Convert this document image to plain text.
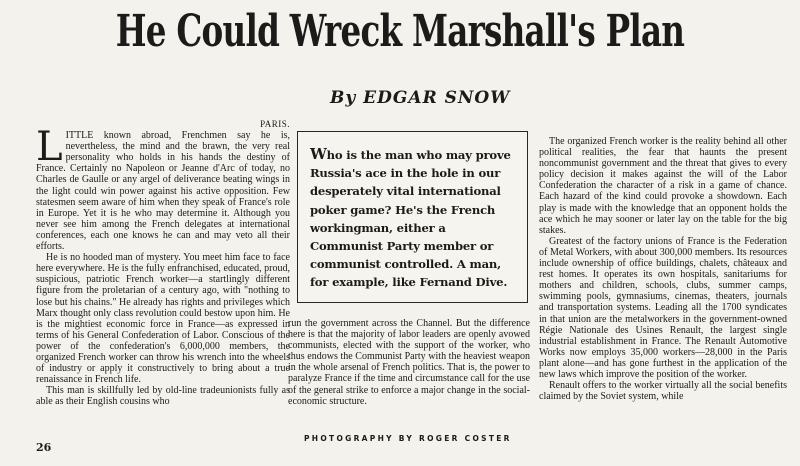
He Could Wreck Marshall's Plan
By EDGAR SNOW
PARIS.

LITTLE known abroad, Frenchmen say he is, nevertheless, the mind and the brawn, the very real personality who holds in his hands the destiny of France. Certainly no Napoleon or Jeanne d'Arc of today, no Charles de Gaulle or any argel of deliverance beating wings in the light could win power against his active opposition. Few statesmen seem aware of him when they speak of France's role in Europe. Yet it is he who may determine it. Although you never see him among the French delegates at international conferences, each one knows he can and may veto all their efforts.

He is no hooded man of mystery. You meet him face to face here everywhere. He is the fully enfranchised, educated, proud, suspicious, patriotic French worker—a startlingly different figure from the proletarian of a century ago, with "nothing to lose but his chains." He already has rights and privileges which Marx thought only class revolution could bestow upon him. He is the mightiest economic force in France—as expressed in terms of his General Confederation of Labor. Conscious of the power of the confederation's 6,000,000 members, the organized French worker can throw his wrench into the wheels of industry or apply it constructively to bring about a true renaissance in French life.

This man is skillfully led by old-line tradeunionists fully as able as their English cousins who

Who is the man who may prove Russia's ace in the hole in our desperately vital international poker game? He's the French workingman, either a Communist Party member or communist controlled. A man, for example, like Fernand Dive.

run the government across the Channel. But the difference here is that the majority of labor leaders are openly avowed communists, elected with the support of the worker, who thus endows the Communist Party with the heaviest weapon in the whole arsenal of French politics. That is, the power to paralyze France if the time and circumstance call for the use of the general strike to enforce a major change in the social-economic structure.

PHOTOGRAPHY BY ROGER COSTER

The organized French worker is the reality behind all other political realities, the fear that haunts the present noncommunist government and the threat that gives to every policy decision it makes against the will of the Labor Confederation the character of a risk in a game of chance. Each hazard of the kind could provoke a showdown. Each play is made with the knowledge that an opponent holds the ace which he may sooner or later lay on the table for the big stakes.

Greatest of the factory unions of France is the Federation of Metal Workers, with about 300,000 members. Its resources include ownership of office buildings, chalets, châteaux and rest homes. It operates its own hospitals, sanitariums for mothers and children, schools, clubs, summer camps, swimming pools, gymnasiums, cinemas, theaters, journals and transportation systems. Leading all the 1700 syndicates in that union are the metalworkers in the government-owned Régie Nationale des Usines Renault, the largest single industrial establishment in France. The Renault Automotive Works now employs 35,000 workers—28,000 in the Paris plant alone—and has gone furthest in the application of the new laws which improve the position of the worker.

Renault offers to the worker virtually all the social benefits claimed by the Soviet system, while

26
